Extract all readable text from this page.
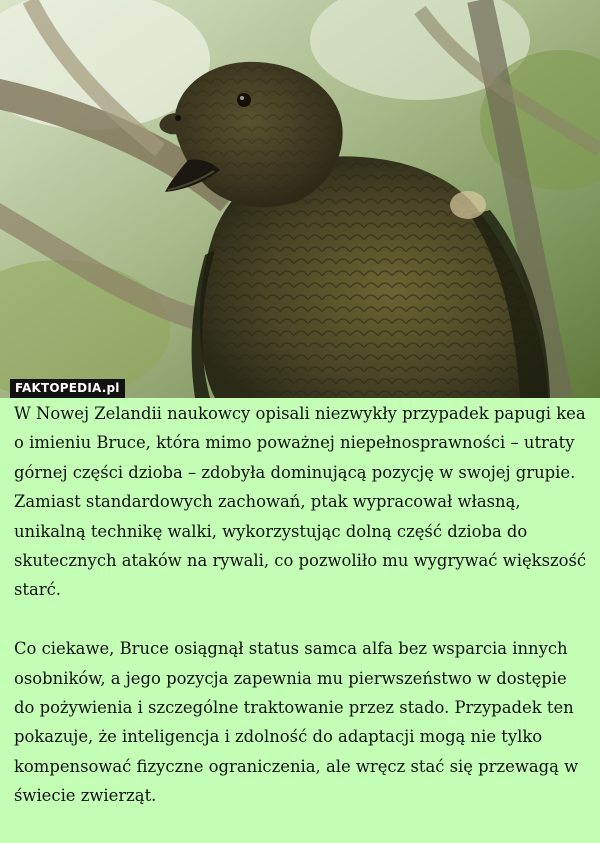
FAKTOPEDIA.pl

W Nowej Zelandii naukowcy opisali niezwykły przypadek papugi kea o imieniu Bruce, która mimo poważnej niepełnosprawności – utraty górnej części dzioba – zdobyła dominującą pozycję w swojej grupie. Zamiast standardowych zachowań, ptak wypracował własną, unikalną technikę walki, wykorzystując dolną część dzioba do skutecznych ataków na rywali, co pozwoliło mu wygrywać większość starć.

Co ciekawe, Bruce osiągnął status samca alfa bez wsparcia innych osobników, a jego pozycja zapewnia mu pierwszeństwo w dostępie do pożywienia i szczególne traktowanie przez stado. Przypadek ten pokazuje, że inteligencja i zdolność do adaptacji mogą nie tylko kompensować fizyczne ograniczenia, ale wręcz stać się przewagą w świecie zwierząt.
